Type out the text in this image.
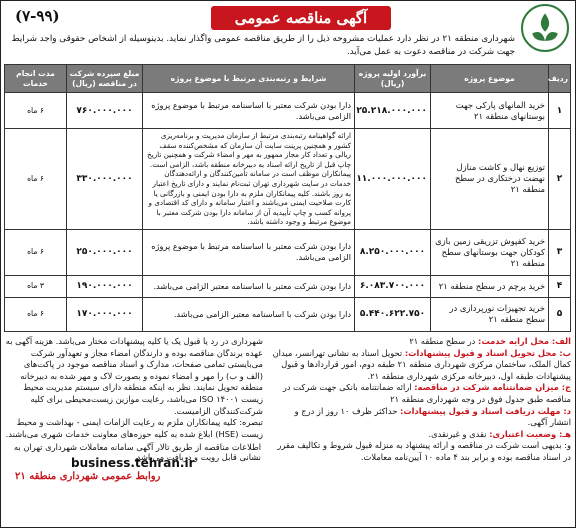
آگهی مناقصه عمومی
(۷-۹۹)
شهرداری منطقه ۲۱ در نظر دارد عملیات مشروحه ذیل را از طریق مناقصه عمومی واگذار نماید. بدینوسیله از اشخاص حقوقی واجد شرایط جهت شرکت در مناقصه دعوت به عمل می‌آید.
ردیف	موضوع پروژه	برآورد اولیه پروژه (ریال)	شرایط و رتبه‌بندی مرتبط با موضوع پروژه	مبلغ سپرده شرکت در مناقصه (ریال)	مدت انجام خدمات
۱	خرید المانهای پارکی جهت بوستانهای منطقه ۲۱	۲۵.۲۱۸.۰۰۰.۰۰۰	دارا بودن شرکت معتبر با اساسنامه مرتبط با موضوع پروژه الزامی می‌باشد.	۷۶۰.۰۰۰.۰۰۰	۶ ماه
۲	توزیع نهال و کاشت منازل نهضت درختکاری در سطح منطقه ۲۱	۱۱.۰۰۰.۰۰۰.۰۰۰	ارائه گواهینامه رتبه‌بندی مرتبط از سازمان مدیریت و برنامه‌ریزی کشور و همچنین پرینت سایت آن سازمان که مشخص‌کننده سقف ریالی و تعداد کار مجاز ممهور به مهر و امضاء شرکت و همچنین تاریخ چاپ قبل از تاریخ ارائه اسناد به دبیرخانه منطقه باشد، الزامی است. پیمانکاران موظف است در سامانه تأمین‌کنندگان و ارائه‌دهندگان خدمات در سایت شهرداری تهران ثبت‌نام نمایند و دارای تاریخ اعتبار به روز باشند. کلیه پیمانکاران ملزم به دارا بودن ایمنی و بازرگانی یا کارت صلاحیت ایمنی می‌باشند و اعتبار سامانه و دارای کد اقتصادی و پروانه کسب و چاپ تأییدیه آن از سامانه دارا بودن شرکت معتبر با موضوع مرتبط و وجود داشته باشد.	۳۳۰.۰۰۰.۰۰۰	۶ ماه
۳	خرید کفپوش تزریقی زمین بازی کودکان جهت بوستانهای سطح منطقه ۲۱	۸.۲۵۰.۰۰۰.۰۰۰	دارا بودن شرکت معتبر با اساسنامه مرتبط با موضوع پروژه الزامی می‌باشد.	۲۵۰.۰۰۰.۰۰۰	۶ ماه
۴	خرید پرچم در سطح منطقه ۲۱	۶.۰۸۳.۷۰۰.۰۰۰	دارا بودن شرکت معتبر با اساسنامه معتبر الزامی می‌باشد.	۱۹۰.۰۰۰.۰۰۰	۳ ماه
۵	خرید تجهیزات نورپردازی در سطح منطقه ۲۱	۵.۴۴۰.۶۲۲.۷۵۰	دارا بودن شرکت با اساسنامه معتبر الزامی می‌باشد.	۱۷۰.۰۰۰.۰۰۰	۶ ماه
الف: محل ارایه خدمت: در سطح منطقه ۲۱
ب: محل تحویل اسناد و قبول پیشنهادات: تحویل اسناد به نشانی تهرانسر، میدان کمال الملک، ساختمان مرکزی شهرداری منطقه ۲۱ طبقه دوم، امور قراردادها و قبول پیشنهادات طبقه اول، دبیرخانه مرکزی شهرداری منطقه ۲۱.
ج: میزان ضمانتنامه شرکت در مناقصه: ارائه ضمانتنامه بانکی جهت شرکت در مناقصه طبق جدول فوق در وجه شهرداری منطقه ۲۱
د: مهلت دریافت اسناد و قبول پیشنهادات: حداکثر ظرف ۱۰ روز از درج و انتشار آگهی.
هـ: وضعیت اعتباری: نقدی و غیرنقدی.
و: بدیهی است شرکت در مناقصه و ارائه پیشنهاد به منزله قبول شروط و تکالیف مقرر در اسناد مناقصه بوده و برابر بند ۴ ماده ۱۰ آیین‌نامه معاملات.
شهرداری در رد یا قبول یک یا کلیه پیشنهادات مختار می‌باشد. هزینه آگهی به عهده برندگان مناقصه بوده و دارندگان امضاء مجاز و تعهدآور شرکت می‌بایستی تمامی صفحات، مدارک و اسناد مناقصه موجود در پاکت‌های (الف و ب) را مهر و امضاء نموده و بصورت لاک و مهر شده به دبیرخانه منطقه تحویل نمایند. نظر به اینکه منطقه دارای سیستم مدیریت محیط زیست ISO ۱۴۰۰۱ می‌باشد، رعایت موازین زیست‌محیطی برای کلیه شرکت‌کنندگان الزامیست.
تبصره: کلیه پیمانکاران ملزم به رعایت الزامات ایمنی - بهداشت و محیط زیست (HSE) ابلاغ شده به کلیه حوزه‌های معاونت خدمات شهری می‌باشند.
اطلاعات مناقصه از طریق تالار آگهی سامانه معاملات شهرداری تهران به نشانی قابل رویت و دریافت می‌باشد.
business.tehran.ir
روابط عمومی شهرداری منطقه ۲۱
